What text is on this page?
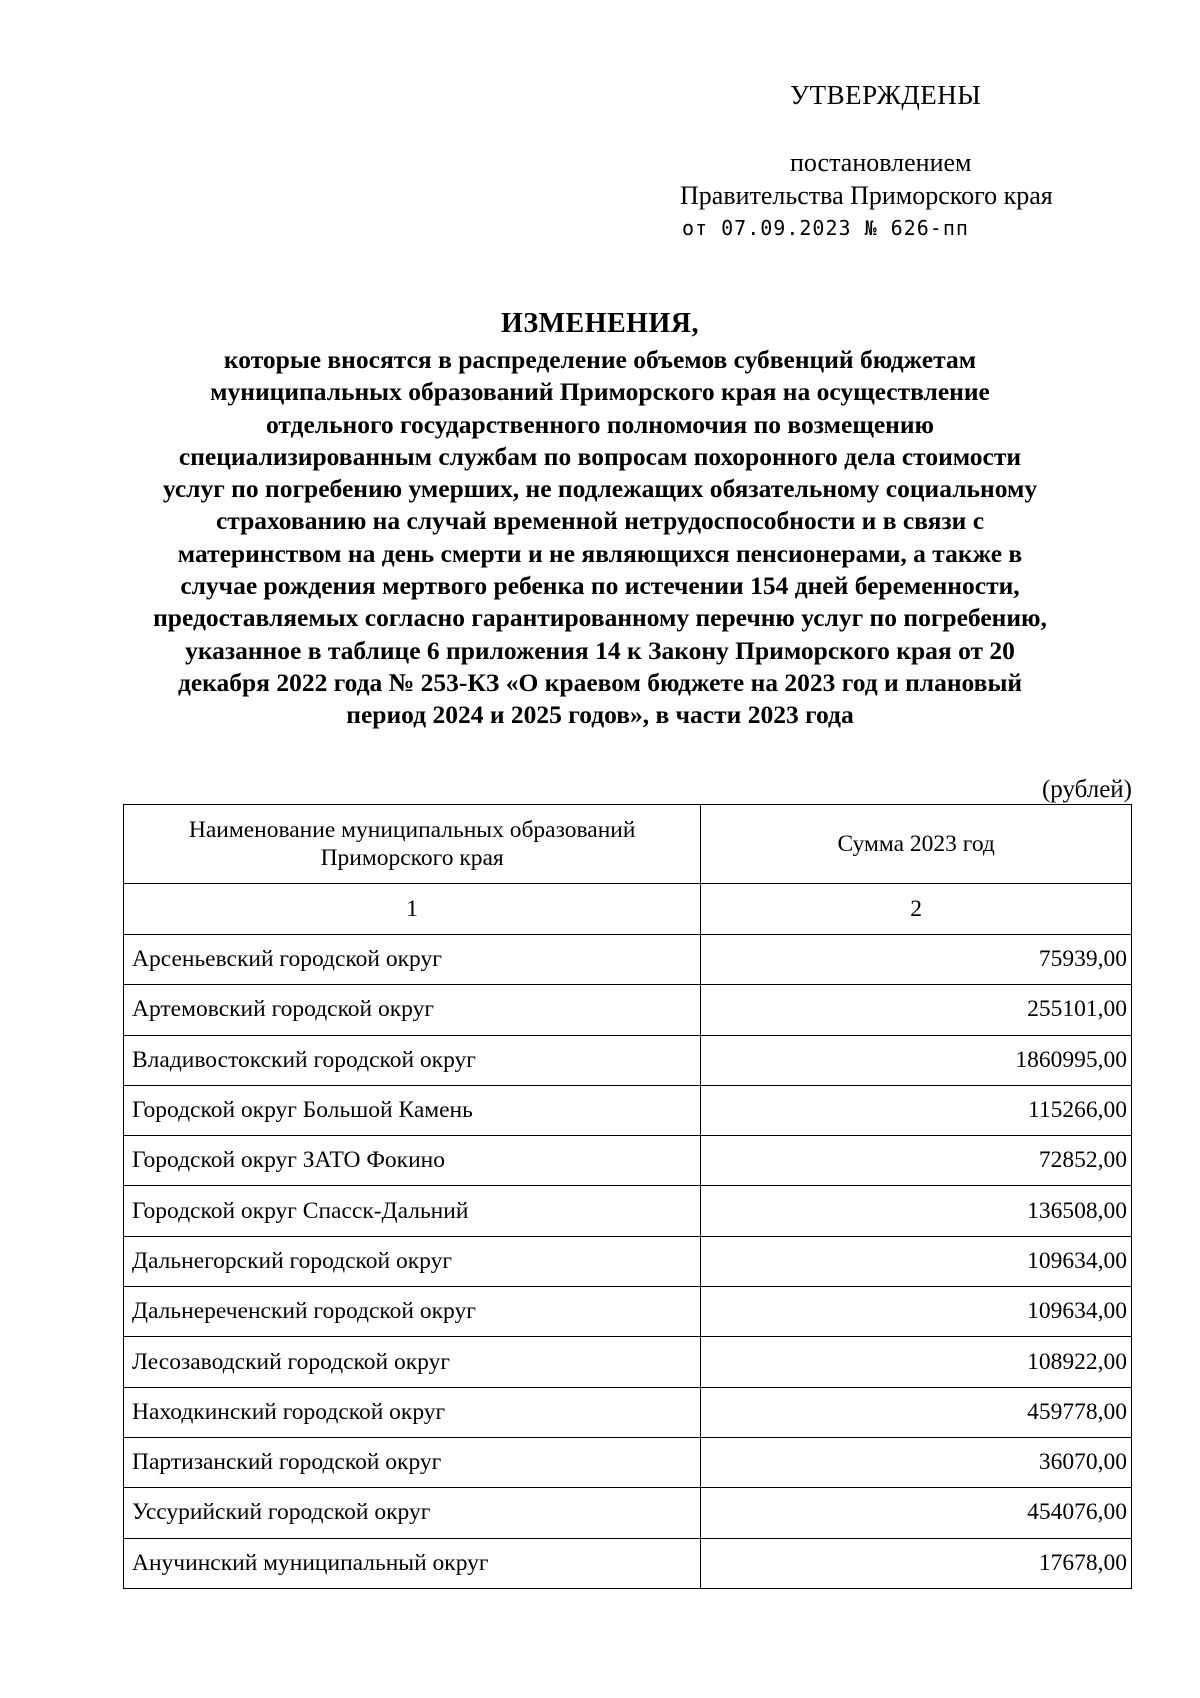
УТВЕРЖДЕНЫ
постановлением
Правительства Приморского края
от 07.09.2023 № 626-пп
ИЗМЕНЕНИЯ,
которые вносятся в распределение объемов субвенций бюджетам муниципальных образований Приморского края на осуществление отдельного государственного полномочия по возмещению специализированным службам по вопросам похоронного дела стоимости услуг по погребению умерших, не подлежащих обязательному социальному страхованию на случай временной нетрудоспособности и в связи с материнством на день смерти и не являющихся пенсионерами, а также в случае рождения мертвого ребенка по истечении 154 дней беременности, предоставляемых согласно гарантированному перечню услуг по погребению, указанное в таблице 6 приложения 14 к Закону Приморского края от 20 декабря 2022 года № 253-КЗ «О краевом бюджете на 2023 год и плановый период 2024 и 2025 годов», в части 2023 года
(рублей)
Наименование муниципальных образований Приморского края	Сумма 2023 год
1	2
Арсеньевский городской округ	75939,00
Артемовский городской округ	255101,00
Владивостокский городской округ	1860995,00
Городской округ Большой Камень	115266,00
Городской округ ЗАТО Фокино	72852,00
Городской округ Спасск-Дальний	136508,00
Дальнегорский городской округ	109634,00
Дальнереченский городской округ	109634,00
Лесозаводский городской округ	108922,00
Находкинский городской округ	459778,00
Партизанский городской округ	36070,00
Уссурийский городской округ	454076,00
Анучинский муниципальный округ	17678,00
